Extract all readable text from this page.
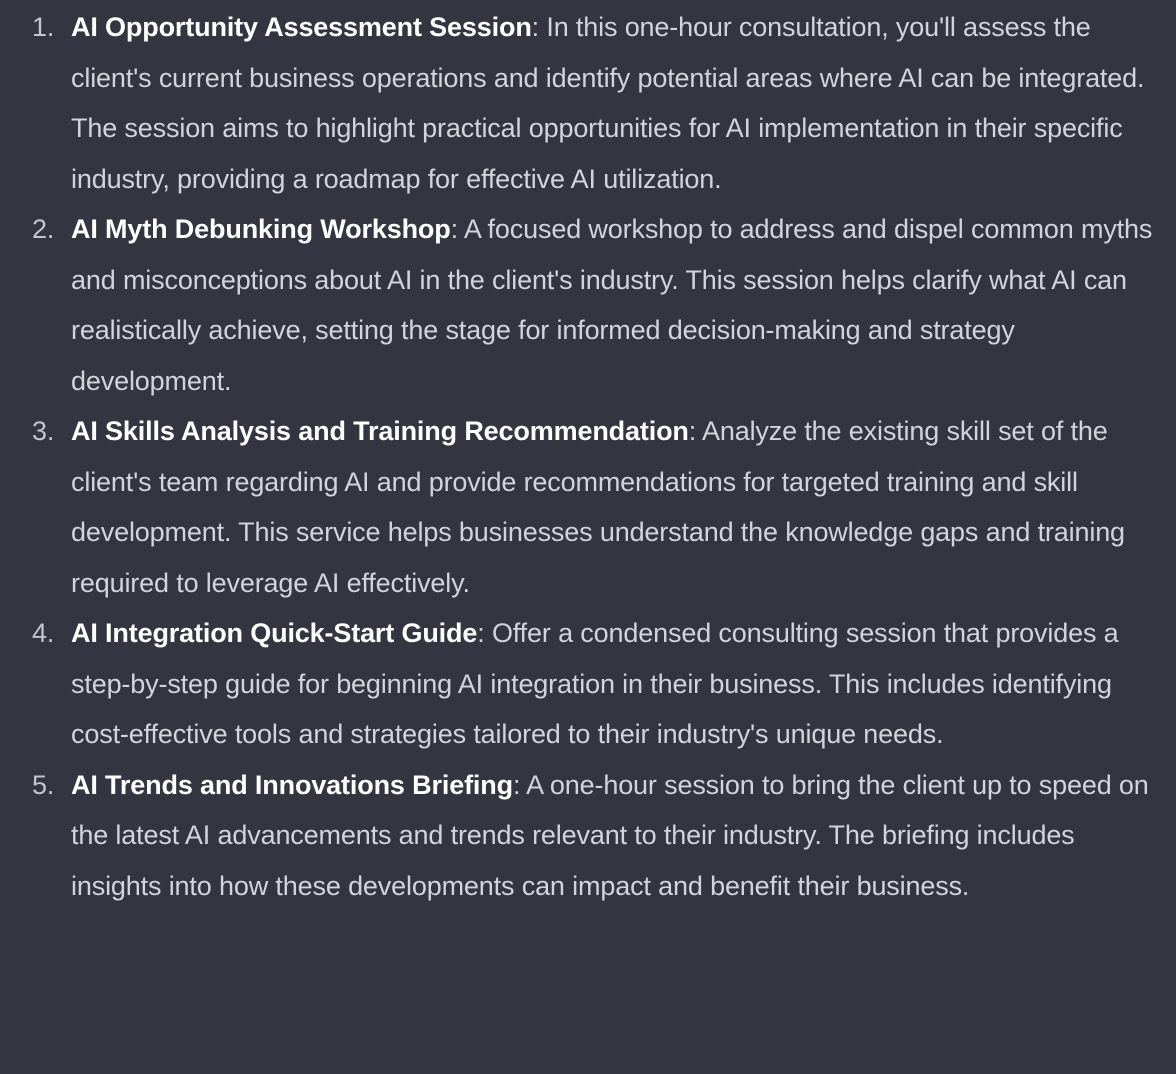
1. AI Opportunity Assessment Session: In this one-hour consultation, you'll assess the client's current business operations and identify potential areas where AI can be integrated. The session aims to highlight practical opportunities for AI implementation in their specific industry, providing a roadmap for effective AI utilization.
2. AI Myth Debunking Workshop: A focused workshop to address and dispel common myths and misconceptions about AI in the client's industry. This session helps clarify what AI can realistically achieve, setting the stage for informed decision-making and strategy development.
3. AI Skills Analysis and Training Recommendation: Analyze the existing skill set of the client's team regarding AI and provide recommendations for targeted training and skill development. This service helps businesses understand the knowledge gaps and training required to leverage AI effectively.
4. AI Integration Quick-Start Guide: Offer a condensed consulting session that provides a step-by-step guide for beginning AI integration in their business. This includes identifying cost-effective tools and strategies tailored to their industry's unique needs.
5. AI Trends and Innovations Briefing: A one-hour session to bring the client up to speed on the latest AI advancements and trends relevant to their industry. The briefing includes insights into how these developments can impact and benefit their business.
